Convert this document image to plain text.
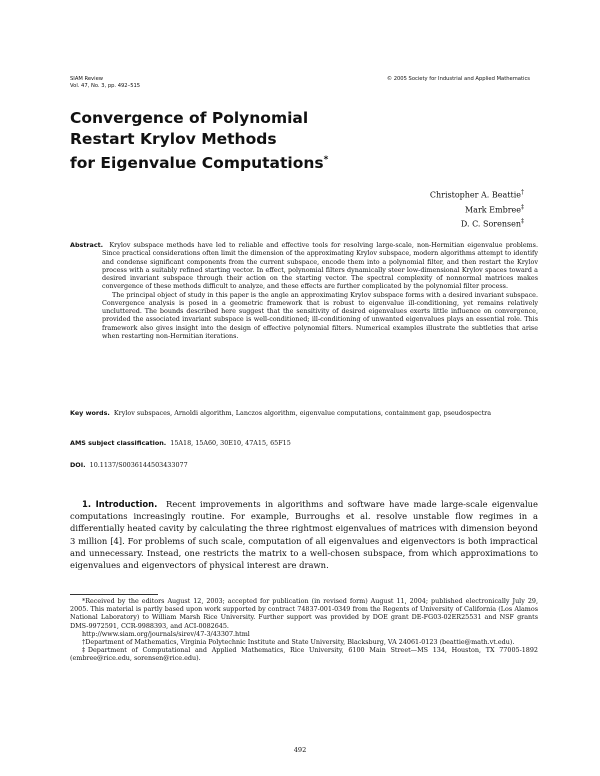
SIAM Review
Vol. 47, No. 3, pp. 492–515
© 2005 Society for Industrial and Applied Mathematics
Convergence of Polynomial
Restart Krylov Methods
for Eigenvalue Computations*
Christopher A. Beattie†
Mark Embree‡
D. C. Sorensen‡
Abstract. Krylov subspace methods have led to reliable and effective tools for resolving large-scale, non-Hermitian eigenvalue problems. Since practical considerations often limit the dimension of the approximating Krylov subspace, modern algorithms attempt to identify and condense significant components from the current subspace, encode them into a polynomial filter, and then restart the Krylov process with a suitably refined starting vector. In effect, polynomial filters dynamically steer low-dimensional Krylov spaces toward a desired invariant subspace through their action on the starting vector. The spectral complexity of nonnormal matrices makes convergence of these methods difficult to analyze, and these effects are further complicated by the polynomial filter process.
The principal object of study in this paper is the angle an approximating Krylov subspace forms with a desired invariant subspace. Convergence analysis is posed in a geometric framework that is robust to eigenvalue ill-conditioning, yet remains relatively uncluttered. The bounds described here suggest that the sensitivity of desired eigenvalues exerts little influence on convergence, provided the associated invariant subspace is well-conditioned; ill-conditioning of unwanted eigenvalues plays an essential role. This framework also gives insight into the design of effective polynomial filters. Numerical examples illustrate the subtleties that arise when restarting non-Hermitian iterations.
Key words. Krylov subspaces, Arnoldi algorithm, Lanczos algorithm, eigenvalue computations, containment gap, pseudospectra
AMS subject classification. 15A18, 15A60, 30E10, 47A15, 65F15
DOI. 10.1137/S0036144503433077

1. Introduction. Recent improvements in algorithms and software have made large-scale eigenvalue computations increasingly routine. For example, Burroughs et al. resolve unstable flow regimes in a differentially heated cavity by calculating the three rightmost eigenvalues of matrices with dimension beyond 3 million [4]. For problems of such scale, computation of all eigenvalues and eigenvectors is both impractical and unnecessary. Instead, one restricts the matrix to a well-chosen subspace, from which approximations to eigenvalues and eigenvectors of physical interest are drawn.

*Received by the editors August 12, 2003; accepted for publication (in revised form) August 11, 2004; published electronically July 29, 2005. This material is partly based upon work supported by contract 74837-001-0349 from the Regents of University of California (Los Alamos National Laboratory) to William Marsh Rice University. Further support was provided by DOE grant DE-FG03-02ER25531 and NSF grants DMS-9972591, CCR-9988393, and ACI-0082645.

http://www.siam.org/journals/sirev/47-3/43307.html

†Department of Mathematics, Virginia Polytechnic Institute and State University, Blacksburg, VA 24061-0123 (beattie@math.vt.edu).

‡Department of Computational and Applied Mathematics, Rice University, 6100 Main Street—MS 134, Houston, TX 77005-1892 (embree@rice.edu, sorensen@rice.edu).

492
